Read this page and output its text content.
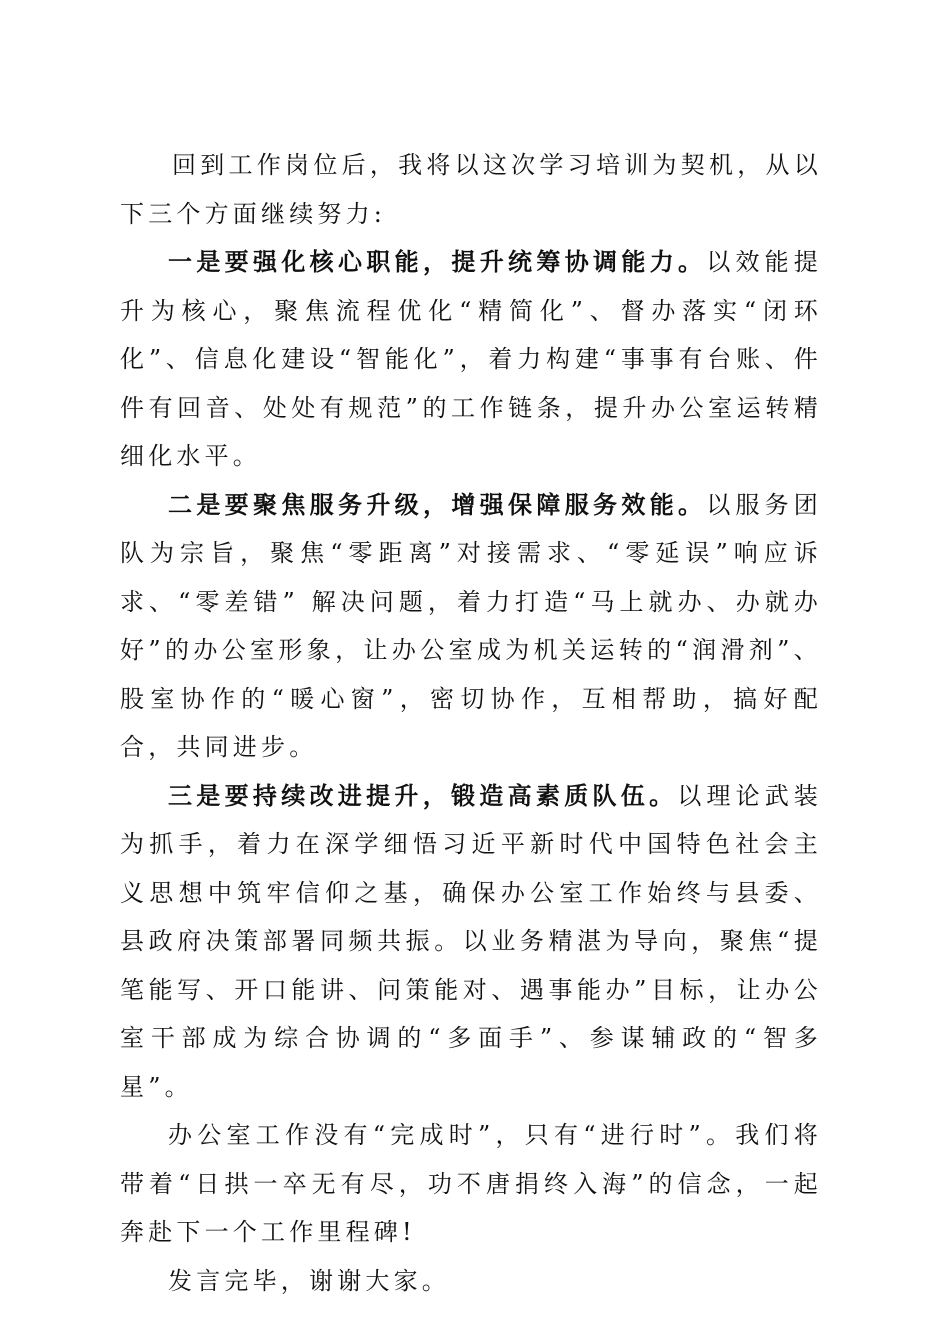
回到工作岗位后，我将以这次学习培训为契机，从以下三个方面继续努力:

一是要强化核心职能，提升统筹协调能力。以效能提升为核心，聚焦流程优化“精简化”、督办落实“闭环化”、信息化建设“智能化”，着力构建“事事有台账、件件有回音、处处有规范”的工作链条，提升办公室运转精细化水平。

二是要聚焦服务升级，增强保障服务效能。以服务团队为宗旨，聚焦“零距离”对接需求、“零延误”响应诉求、“零差错” 解决问题，着力打造“马上就办、办就办好”的办公室形象，让办公室成为机关运转的“润滑剂”、股室协作的“暖心窗”，密切协作，互相帮助，搞好配合，共同进步。

三是要持续改进提升，锻造高素质队伍。以理论武装为抓手，着力在深学细悟习近平新时代中国特色社会主义思想中筑牢信仰之基，确保办公室工作始终与县委、县政府决策部署同频共振。以业务精湛为导向，聚焦“提笔能写、开口能讲、问策能对、遇事能办”目标，让办公室干部成为综合协调的“多面手”、参谋辅政的“智多星”。

办公室工作没有“完成时”，只有“进行时”。我们将带着“日拱一卒无有尽，功不唐捐终入海”的信念，一起奔赴下一个工作里程碑!

发言完毕，谢谢大家。
